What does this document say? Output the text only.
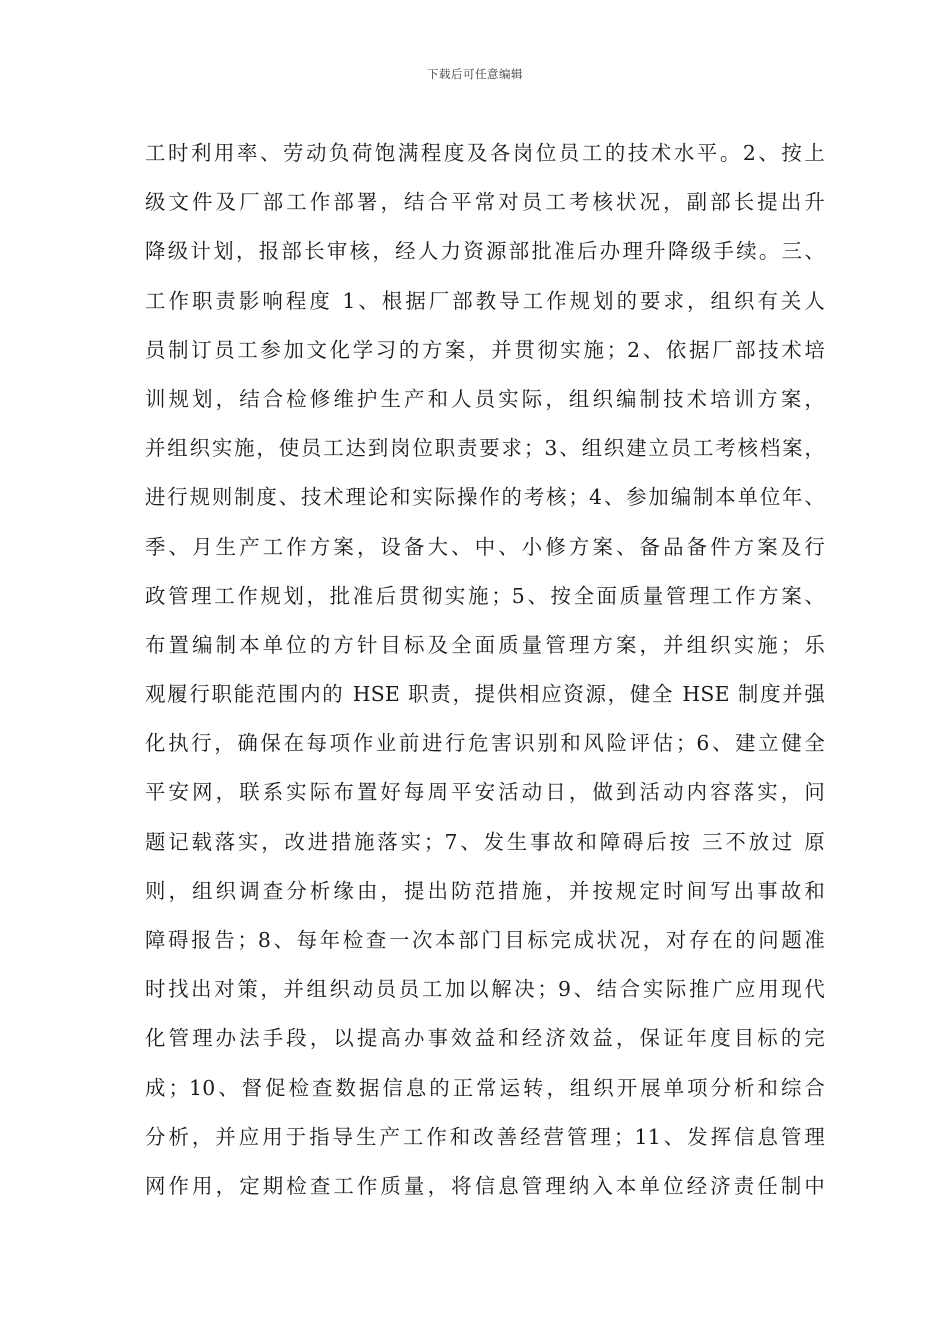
下载后可任意编辑
工时利用率、劳动负荷饱满程度及各岗位员工的技术水平。2、按上
级文件及厂部工作部署，结合平常对员工考核状况，副部长提出升
降级计划，报部长审核，经人力资源部批准后办理升降级手续。三、
工作职责影响程度 1、根据厂部教导工作规划的要求，组织有关人
员制订员工参加文化学习的方案，并贯彻实施；2、依据厂部技术培
训规划，结合检修维护生产和人员实际，组织编制技术培训方案，
并组织实施，使员工达到岗位职责要求；3、组织建立员工考核档案，
进行规则制度、技术理论和实际操作的考核；4、参加编制本单位年、
季、月生产工作方案，设备大、中、小修方案、备品备件方案及行
政管理工作规划，批准后贯彻实施；5、按全面质量管理工作方案、
布置编制本单位的方针目标及全面质量管理方案，并组织实施；乐
观履行职能范围内的 HSE 职责，提供相应资源，健全 HSE 制度并强
化执行，确保在每项作业前进行危害识别和风险评估；6、建立健全
平安网，联系实际布置好每周平安活动日，做到活动内容落实，问
题记载落实，改进措施落实；7、发生事故和障碍后按 三不放过 原
则，组织调查分析缘由，提出防范措施，并按规定时间写出事故和
障碍报告；8、每年检查一次本部门目标完成状况，对存在的问题准
时找出对策，并组织动员员工加以解决；9、结合实际推广应用现代
化管理办法手段，以提高办事效益和经济效益，保证年度目标的完
成；10、督促检查数据信息的正常运转，组织开展单项分析和综合
分析，并应用于指导生产工作和改善经营管理；11、发挥信息管理
网作用，定期检查工作质量，将信息管理纳入本单位经济责任制中
